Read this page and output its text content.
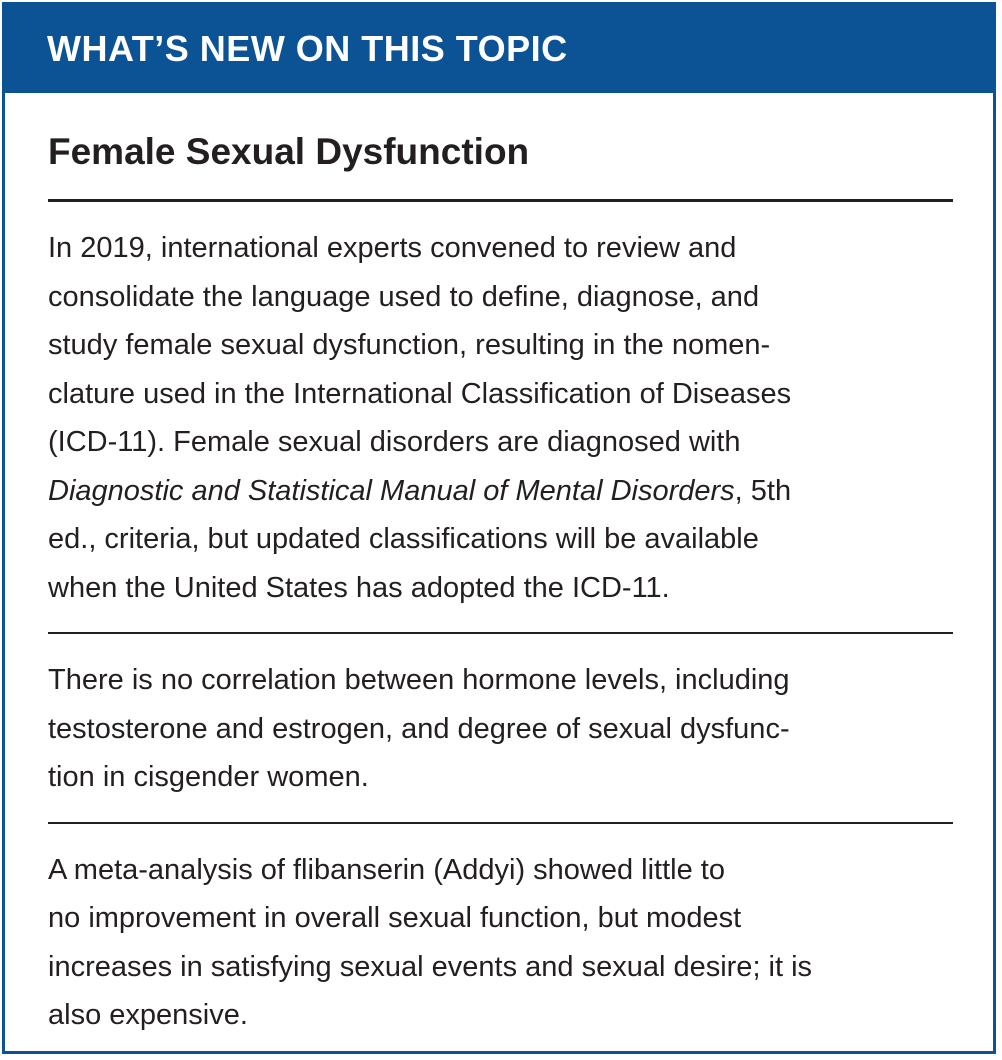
WHAT’S NEW ON THIS TOPIC
Female Sexual Dysfunction
In 2019, international experts convened to review and
consolidate the language used to define, diagnose, and
study female sexual dysfunction, resulting in the nomen-
clature used in the International Classification of Diseases
(ICD-11). Female sexual disorders are diagnosed with
Diagnostic and Statistical Manual of Mental Disorders, 5th
ed., criteria, but updated classifications will be available
when the United States has adopted the ICD-11.
There is no correlation between hormone levels, including
testosterone and estrogen, and degree of sexual dysfunc-
tion in cisgender women.
A meta-analysis of flibanserin (Addyi) showed little to
no improvement in overall sexual function, but modest
increases in satisfying sexual events and sexual desire; it is
also expensive.
